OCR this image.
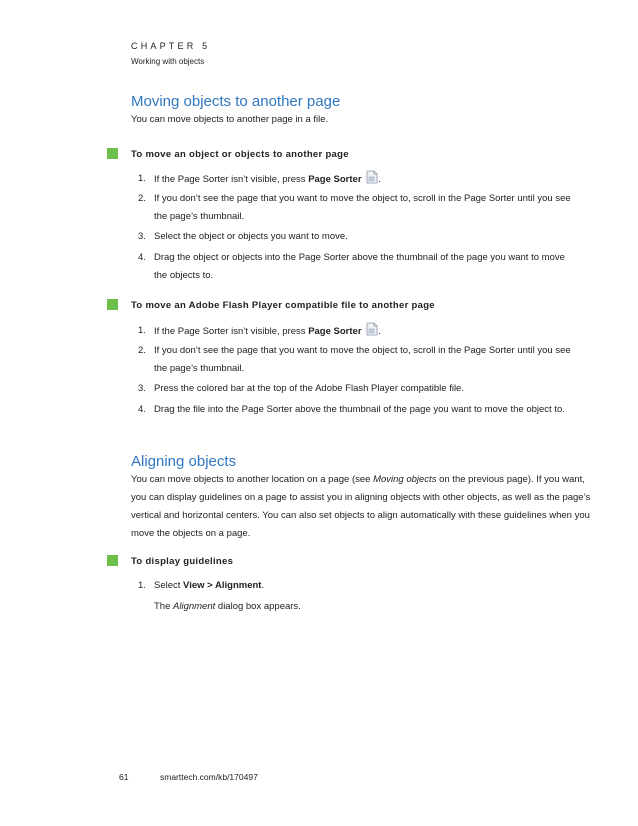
CHAPTER 5
Working with objects
Moving objects to another page
You can move objects to another page in a file.
To move an object or objects to another page
1. If the Page Sorter isn’t visible, press Page Sorter .
2. If you don’t see the page that you want to move the object to, scroll in the Page Sorter until you see the page’s thumbnail.
3. Select the object or objects you want to move.
4. Drag the object or objects into the Page Sorter above the thumbnail of the page you want to move the objects to.
To move an Adobe Flash Player compatible file to another page
1. If the Page Sorter isn’t visible, press Page Sorter .
2. If you don’t see the page that you want to move the object to, scroll in the Page Sorter until you see the page’s thumbnail.
3. Press the colored bar at the top of the Adobe Flash Player compatible file.
4. Drag the file into the Page Sorter above the thumbnail of the page you want to move the object to.
Aligning objects
You can move objects to another location on a page (see Moving objects on the previous page). If you want, you can display guidelines on a page to assist you in aligning objects with other objects, as well as the page’s vertical and horizontal centers. You can also set objects to align automatically with these guidelines when you move the objects on a page.
To display guidelines
1. Select View > Alignment.
The Alignment dialog box appears.
61	smarttech.com/kb/170497
